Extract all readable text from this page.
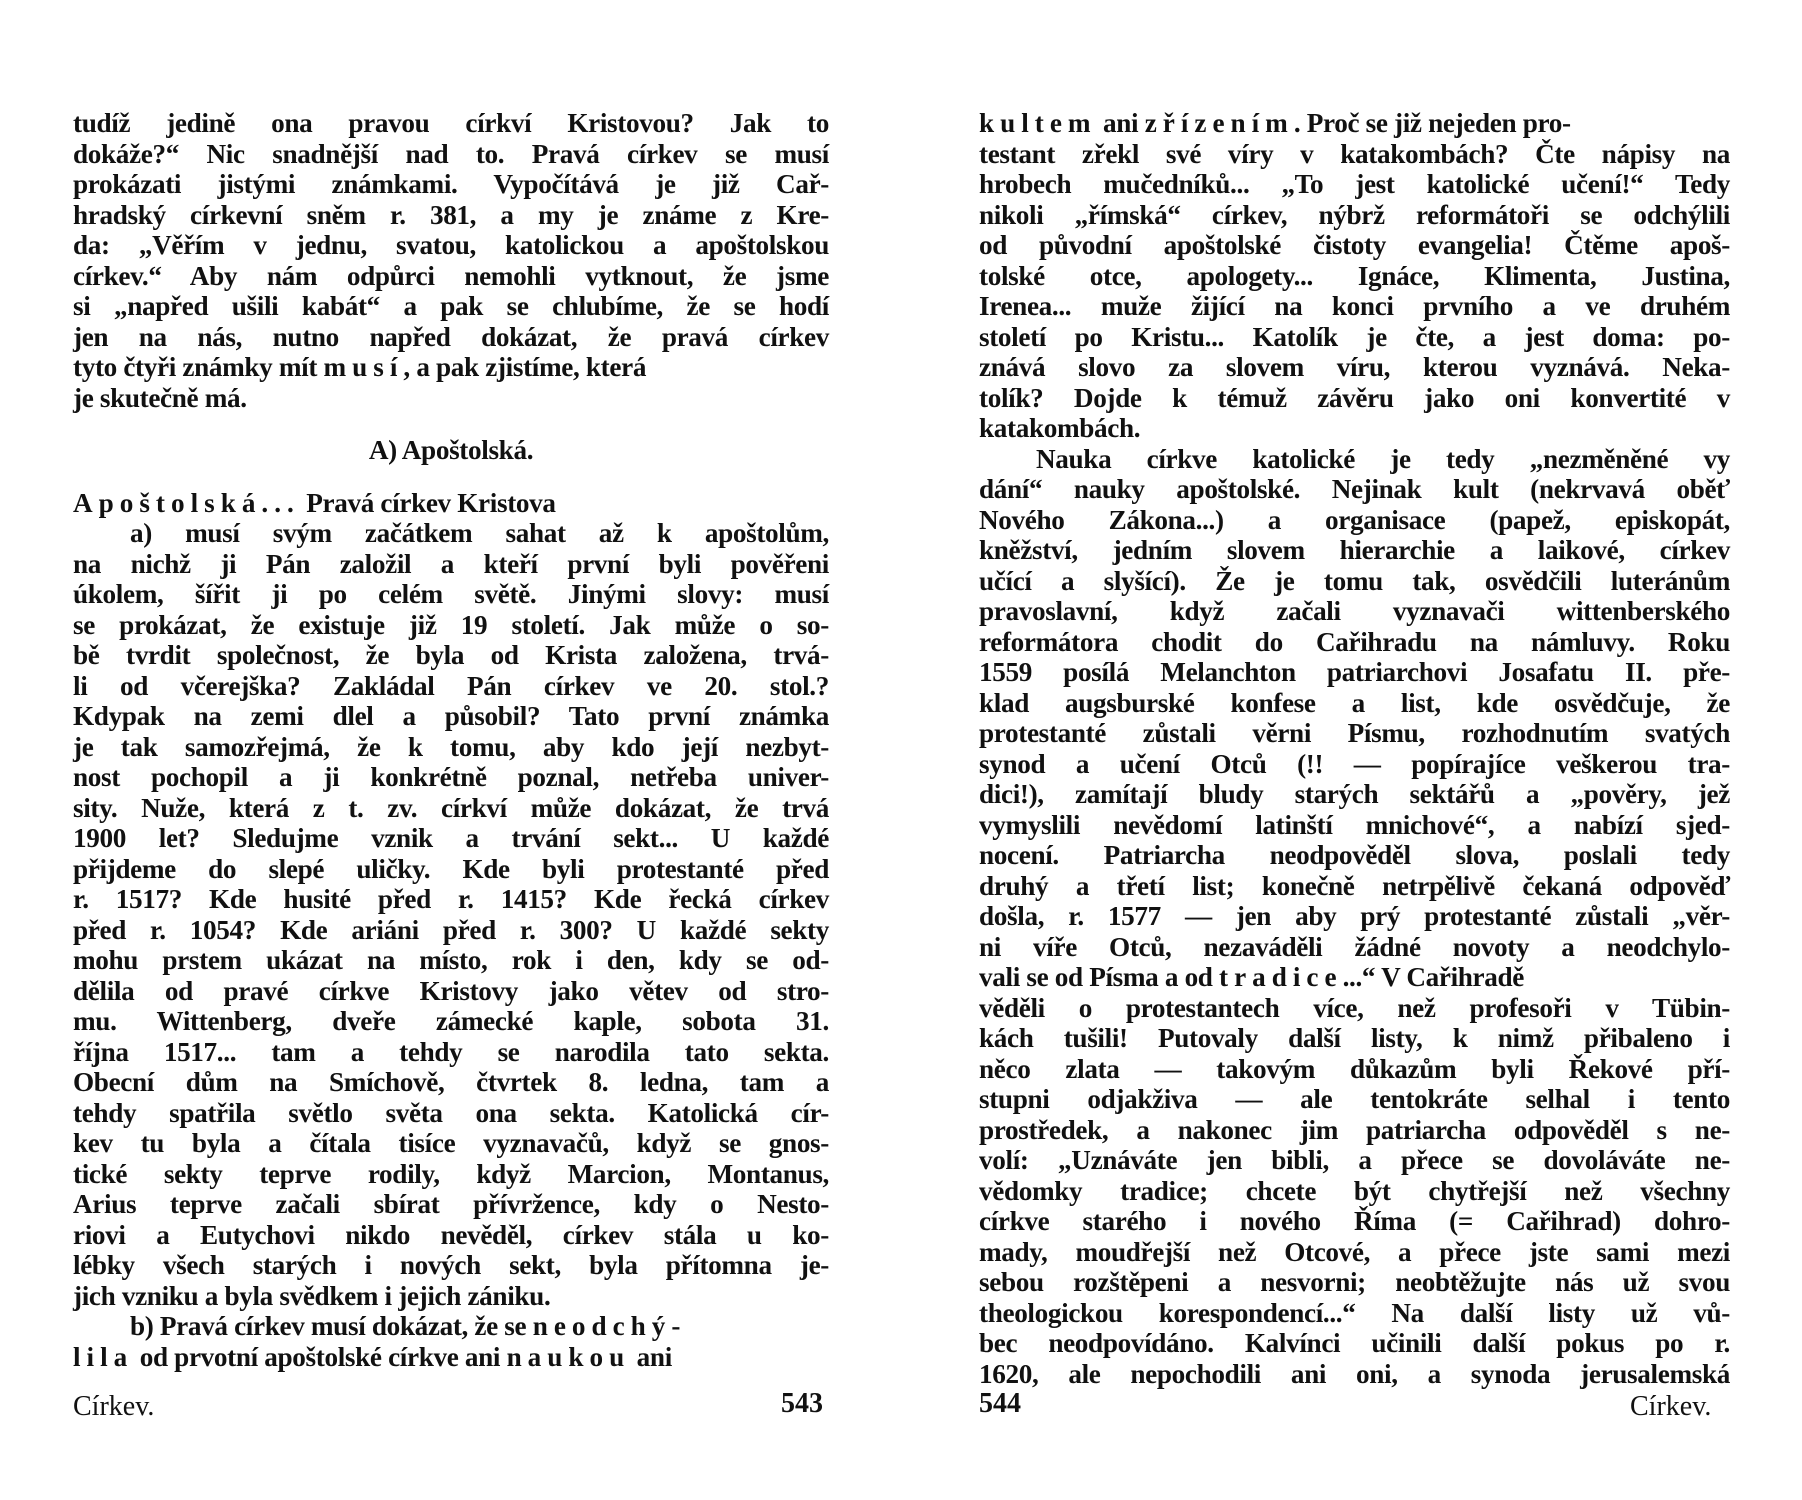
tudíž jedině ona pravou církví Kristovou? Jak to
dokáže?“ Nic snadnější nad to. Pravá církev se musí
prokázati jistými známkami. Vypočítává je již Cař-
hradský církevní sněm r. 381, a my je známe z Kre-
da: „Věřím v jednu, svatou, katolickou a apoštolskou
církev.“ Aby nám odpůrci nemohli vytknout, že jsme
si „napřed ušili kabát“ a pak se chlubíme, že se hodí
jen na nás, nutno napřed dokázat, že pravá církev
tyto čtyři známky mít musí, a pak zjistíme, která
je skutečně má.
A) Apoštolská.
Apoštolská... Pravá církev Kristova
a) musí svým začátkem sahat až k apoštolům,
na nichž ji Pán založil a kteří první byli pověřeni
úkolem, šířit ji po celém světě. Jinými slovy: musí
se prokázat, že existuje již 19 století. Jak může o so-
bě tvrdit společnost, že byla od Krista založena, trvá-
li od včerejška? Zakládal Pán církev ve 20. stol.?
Kdypak na zemi dlel a působil? Tato první známka
je tak samozřejmá, že k tomu, aby kdo její nezbyt-
nost pochopil a ji konkrétně poznal, netřeba univer-
sity. Nuže, která z t. zv. církví může dokázat, že trvá
1900 let? Sledujme vznik a trvání sekt... U každé
přijdeme do slepé uličky. Kde byli protestanté před
r. 1517? Kde husité před r. 1415? Kde řecká církev
před r. 1054? Kde ariáni před r. 300? U každé sekty
mohu prstem ukázat na místo, rok i den, kdy se od-
dělila od pravé církve Kristovy jako větev od stro-
mu. Wittenberg, dveře zámecké kaple, sobota 31.
října 1517... tam a tehdy se narodila tato sekta.
Obecní dům na Smíchově, čtvrtek 8. ledna, tam a
tehdy spatřila světlo světa ona sekta. Katolická cír-
kev tu byla a čítala tisíce vyznavačů, když se gnos-
tické sekty teprve rodily, když Marcion, Montanus,
Arius teprve začali sbírat přívržence, kdy o Nesto-
riovi a Eutychovi nikdo nevěděl, církev stála u ko-
lébky všech starých i nových sekt, byla přítomna je-
jich vzniku a byla svědkem i jejich zániku.
b) Pravá církev musí dokázat, že se neodchý-
lila od prvotní apoštolské církve ani naukou ani
Církev.	543
kultem ani zřízením. Proč se již nejeden pro-
testant zřekl své víry v katakombách? Čte nápisy na
hrobech mučedníků... „To jest katolické učení!“ Tedy
nikoli „římská“ církev, nýbrž reformátoři se odchýlili
od původní apoštolské čistoty evangelia! Čtěme apoš-
tolské otce, apologety... Ignáce, Klimenta, Justina,
Irenea... muže žijící na konci prvního a ve druhém
století po Kristu... Katolík je čte, a jest doma: po-
znává slovo za slovem víru, kterou vyznává. Neka-
tolík? Dojde k témuž závěru jako oni konvertité v
katakombách.
Nauka církve katolické je tedy „nezměněné vy
dání“ nauky apoštolské. Nejinak kult (nekrvavá oběť
Nového Zákona...) a organisace (papež, episkopát,
kněžství, jedním slovem hierarchie a laikové, církev
učící a slyšící). Že je tomu tak, osvědčili luteránům
pravoslavní, když začali vyznavači wittenberského
reformátora chodit do Cařihradu na námluvy. Roku
1559 posílá Melanchton patriarchovi Josafatu II. pře-
klad augsburské konfese a list, kde osvědčuje, že
protestanté zůstali věrni Písmu, rozhodnutím svatých
synod a učení Otců (!! — popírajíce veškerou tra-
dici!), zamítají bludy starých sektářů a „pověry, jež
vymyslili nevědomí latinští mnichové“, a nabízí sjed-
nocení. Patriarcha neodpověděl slova, poslali tedy
druhý a třetí list; konečně netrpělivě čekaná odpověď
došla, r. 1577 — jen aby prý protestanté zůstali „věr-
ni víře Otců, nezaváděli žádné novoty a neodchylo-
vali se od Písma a od tradice...“ V Cařihradě
věděli o protestantech více, než profesoři v Tübin-
kách tušili! Putovaly další listy, k nimž přibaleno i
něco zlata — takovým důkazům byli Řekové pří-
stupni odjakživa — ale tentokráte selhal i tento
prostředek, a nakonec jim patriarcha odpověděl s ne-
volí: „Uznáváte jen bibli, a přece se dovoláváte ne-
vědomky tradice; chcete být chytřejší než všechny
církve starého i nového Říma (= Cařihrad) dohro-
mady, moudřejší než Otcové, a přece jste sami mezi
sebou rozštěpeni a nesvorni; neobtěžujte nás už svou
theologickou korespondencí...“ Na další listy už vů-
bec neodpovídáno. Kalvínci učinili další pokus po r.
1620, ale nepochodili ani oni, a synoda jerusalemská
544	Církev.
